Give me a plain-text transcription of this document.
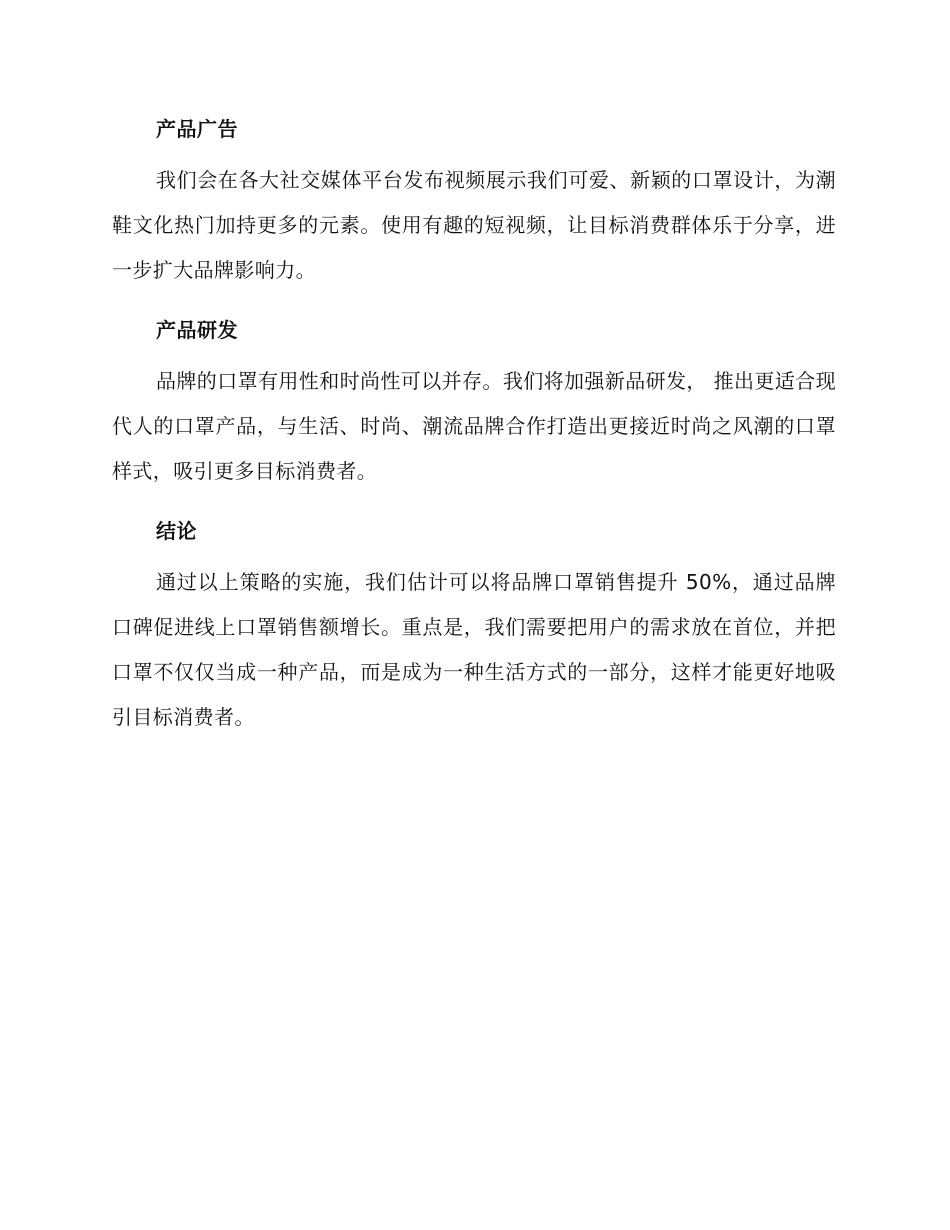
产品广告

我们会在各大社交媒体平台发布视频展示我们可爱、新颖的口罩设计，为潮鞋文化热门加持更多的元素。使用有趣的短视频，让目标消费群体乐于分享，进一步扩大品牌影响力。

产品研发

品牌的口罩有用性和时尚性可以并存。我们将加强新品研发， 推出更适合现代人的口罩产品，与生活、时尚、潮流品牌合作打造出更接近时尚之风潮的口罩样式，吸引更多目标消费者。

结论

通过以上策略的实施，我们估计可以将品牌口罩销售提升 50%，通过品牌口碑促进线上口罩销售额增长。重点是，我们需要把用户的需求放在首位，并把口罩不仅仅当成一种产品，而是成为一种生活方式的一部分，这样才能更好地吸引目标消费者。
